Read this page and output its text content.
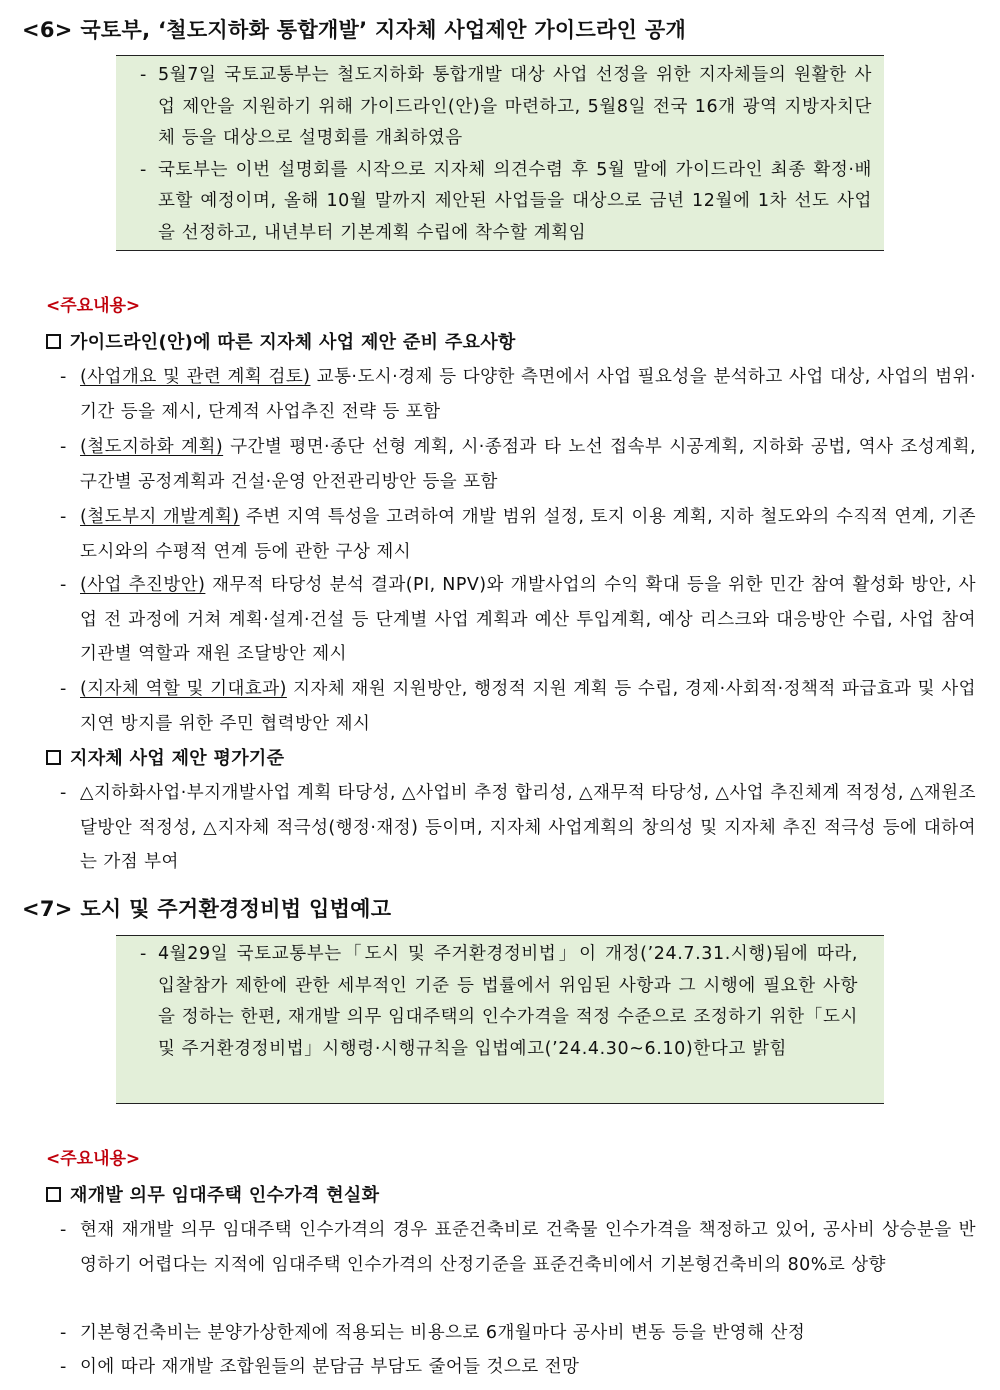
<6> 국토부, ‘철도지하화 통합개발’ 지자체 사업제안 가이드라인 공개
- 5월7일 국토교통부는 철도지하화 통합개발 대상 사업 선정을 위한 지자체들의 원활한 사업 제안을 지원하기 위해 가이드라인(안)을 마련하고, 5월8일 전국 16개 광역 지방자치단체 등을 대상으로 설명회를 개최하였음
- 국토부는 이번 설명회를 시작으로 지자체 의견수렴 후 5월 말에 가이드라인 최종 확정·배포할 예정이며, 올해 10월 말까지 제안된 사업들을 대상으로 금년 12월에 1차 선도 사업을 선정하고, 내년부터 기본계획 수립에 착수할 계획임
<주요내용>
가이드라인(안)에 따른 지자체 사업 제안 준비 주요사항
- (사업개요 및 관련 계획 검토) 교통·도시·경제 등 다양한 측면에서 사업 필요성을 분석하고 사업 대상, 사업의 범위·기간 등을 제시, 단계적 사업추진 전략 등 포함
- (철도지하화 계획) 구간별 평면·종단 선형 계획, 시·종점과 타 노선 접속부 시공계획, 지하화 공법, 역사 조성계획, 구간별 공정계획과 건설·운영 안전관리방안 등을 포함
- (철도부지 개발계획) 주변 지역 특성을 고려하여 개발 범위 설정, 토지 이용 계획, 지하 철도와의 수직적 연계, 기존 도시와의 수평적 연계 등에 관한 구상 제시
- (사업 추진방안) 재무적 타당성 분석 결과(PI, NPV)와 개발사업의 수익 확대 등을 위한 민간 참여 활성화 방안, 사업 전 과정에 거쳐 계획·설계·건설 등 단계별 사업 계획과 예산 투입계획, 예상 리스크와 대응방안 수립, 사업 참여 기관별 역할과 재원 조달방안 제시
- (지자체 역할 및 기대효과) 지자체 재원 지원방안, 행정적 지원 계획 등 수립, 경제·사회적·정책적 파급효과 및 사업 지연 방지를 위한 주민 협력방안 제시
지자체 사업 제안 평가기준
- △지하화사업·부지개발사업 계획 타당성, △사업비 추정 합리성, △재무적 타당성, △사업 추진체계 적정성, △재원조달방안 적정성, △지자체 적극성(행정·재정) 등이며, 지자체 사업계획의 창의성 및 지자체 추진 적극성 등에 대하여는 가점 부여
<7> 도시 및 주거환경정비법 입법예고
- 4월29일 국토교통부는「도시 및 주거환경정비법」이 개정(’24.7.31.시행)됨에 따라, 입찰참가 제한에 관한 세부적인 기준 등 법률에서 위임된 사항과 그 시행에 필요한 사항을 정하는 한편, 재개발 의무 임대주택의 인수가격을 적정 수준으로 조정하기 위한「도시 및 주거환경정비법」시행령·시행규칙을 입법예고(’24.4.30~6.10)한다고 밝힘
<주요내용>
재개발 의무 임대주택 인수가격 현실화
- 현재 재개발 의무 임대주택 인수가격의 경우 표준건축비로 건축물 인수가격을 책정하고 있어, 공사비 상승분을 반영하기 어렵다는 지적에 임대주택 인수가격의 산정기준을 표준건축비에서 기본형건축비의 80%로 상향
- 기본형건축비는 분양가상한제에 적용되는 비용으로 6개월마다 공사비 변동 등을 반영해 산정
- 이에 따라 재개발 조합원들의 분담금 부담도 줄어들 것으로 전망
